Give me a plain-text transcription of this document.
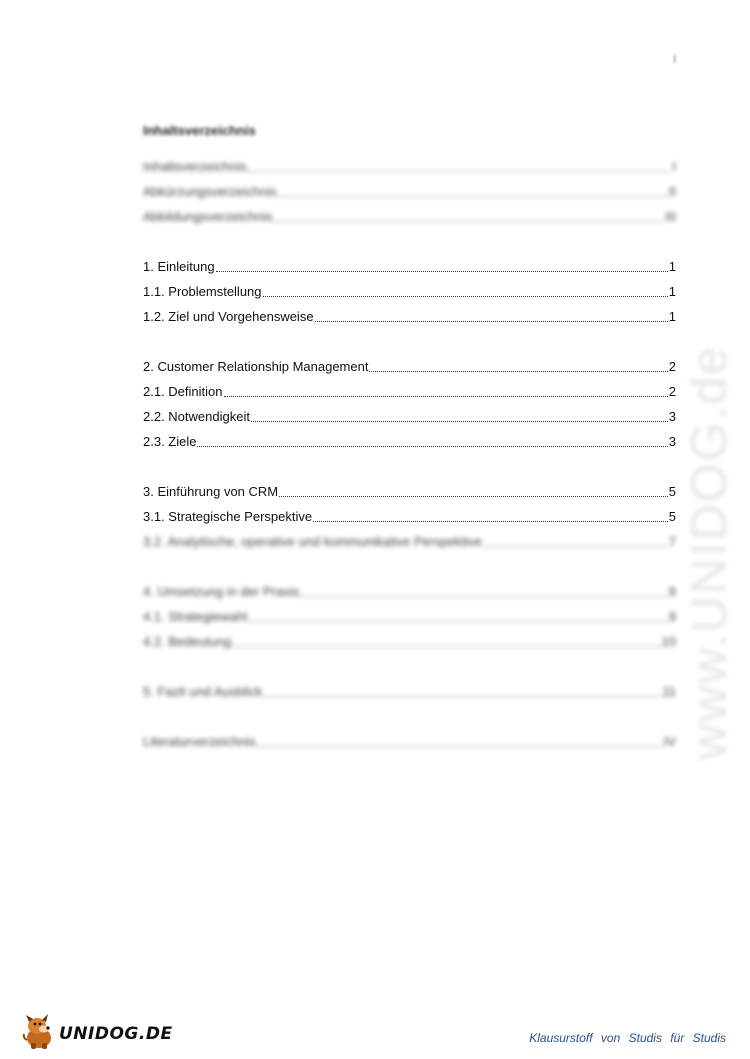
I
Inhaltsverzeichnis
Inhaltsverzeichnis	I
Abkürzungsverzeichnis	II
Abbildungsverzeichnis	III
1. Einleitung	1
1.1. Problemstellung	1
1.2. Ziel und Vorgehensweise	1
2. Customer Relationship Management	2
2.1. Definition	2
2.2. Notwendigkeit	3
2.3. Ziele	3
3. Einführung von CRM	5
3.1. Strategische Perspektive	5
3.2. Analytische, operative und kommunikative Perspektive	7
4. Umsetzung in der Praxis	9
4.1. Strategiewahl	9
4.2. Bedeutung	10
5. Fazit und Ausblick	11
Literaturverzeichnis	IV www.UNIDOG.de
UNIDOG.DE	Klausurstoff von Studis für Studis
